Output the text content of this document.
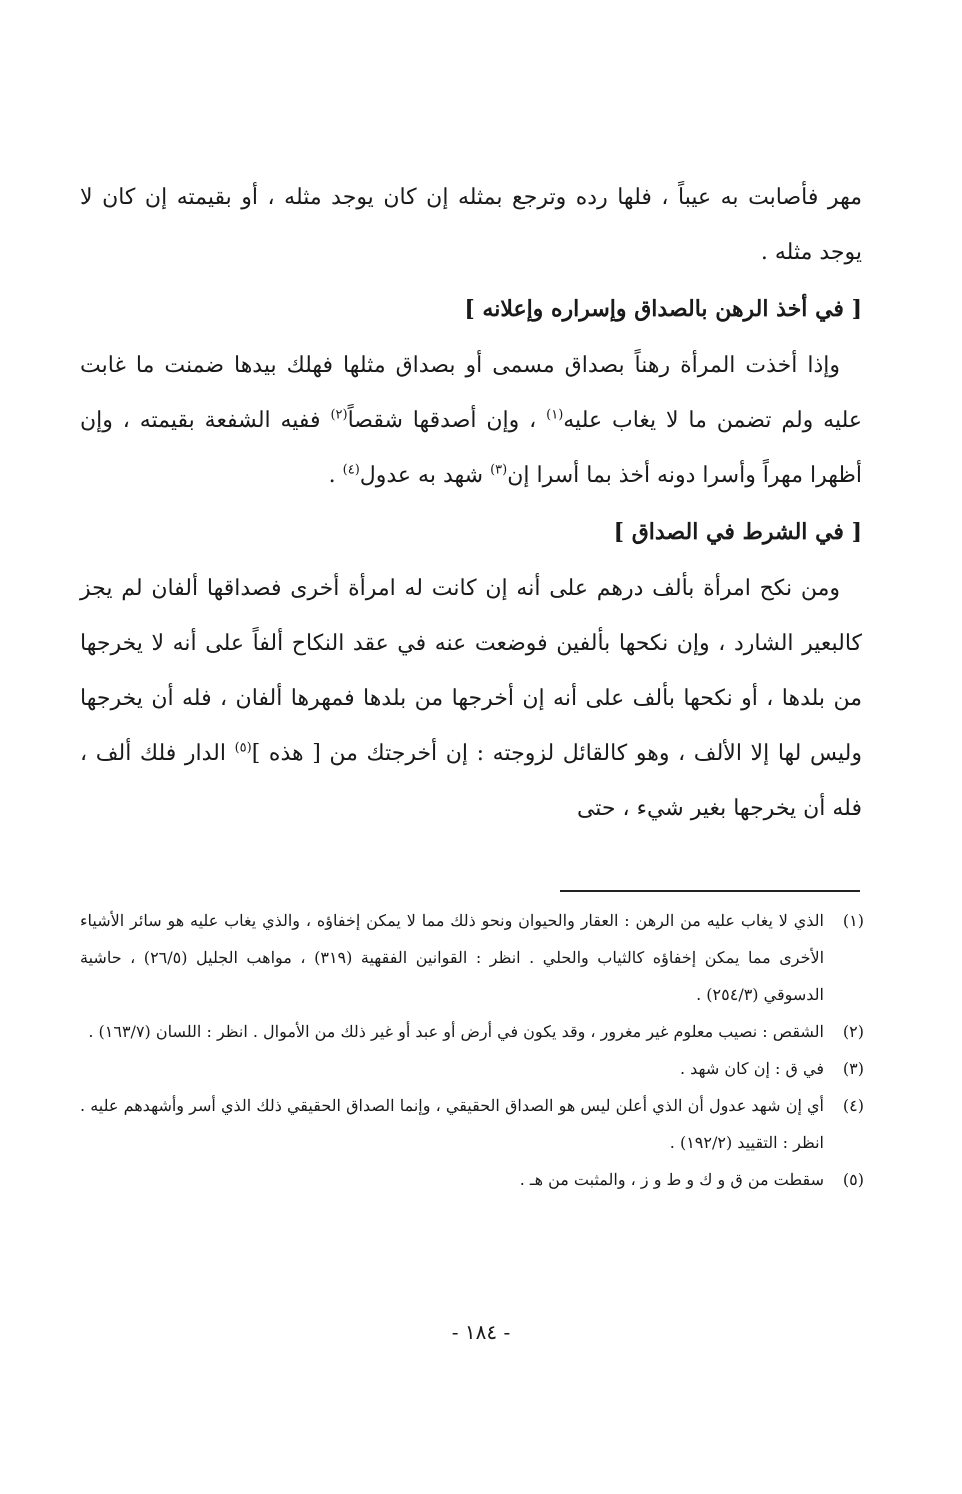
مهر فأصابت به عيباً ، فلها رده وترجع بمثله إن كان يوجد مثله ، أو بقيمته إن كان لا يوجد مثله .

[ في أخذ الرهن بالصداق وإسراره وإعلانه ]

وإذا أخذت المرأة رهناً بصداق مسمى أو بصداق مثلها فهلك بيدها ضمنت ما غابت عليه ولم تضمن ما لا يغاب عليه$^{(١)}$ ، وإن أصدقها شقصاً$^{(٢)}$ ففيه الشفعة بقيمته ، وإن أظهرا مهراً وأسرا دونه أخذ بما أسرا إن$^{(٣)}$ شهد به عدول$^{(٤)}$ .

[ في الشرط في الصداق ]

ومن نكح امرأة بألف درهم على أنه إن كانت له امرأة أخرى فصداقها ألفان لم يجز كالبعير الشارد ، وإن نكحها بألفين فوضعت عنه في عقد النكاح ألفاً على أنه لا يخرجها من بلدها ، أو نكحها بألف على أنه إن أخرجها من بلدها فمهرها ألفان ، فله أن يخرجها وليس لها إلا الألف ، وهو كالقائل لزوجته : إن أخرجتك من [ هذه ]$^{(٥)}$ الدار فلك ألف ، فله أن يخرجها بغير شيء ، حتى

(١)
الذي لا يغاب عليه من الرهن : العقار والحيوان ونحو ذلك مما لا يمكن إخفاؤه ، والذي يغاب عليه هو سائر الأشياء الأخرى مما يمكن إخفاؤه كالثياب والحلي . انظر : القوانين الفقهية (٣١٩) ، مواهب الجليل (٢٦/٥) ، حاشية الدسوقي (٢٥٤/٣) .
(٢)
الشقص : نصيب معلوم غير مغرور ، وقد يكون في أرض أو عبد أو غير ذلك من الأموال . انظر : اللسان (١٦٣/٧) .
(٣)
في ق : إن كان شهد .
(٤)
أي إن شهد عدول أن الذي أعلن ليس هو الصداق الحقيقي ، وإنما الصداق الحقيقي ذلك الذي أسر وأشهدهم عليه . انظر : التقييد (١٩٢/٢) .
(٥)
سقطت من ق و ك و ط و ز ، والمثبت من هـ .
- ١٨٤ -
